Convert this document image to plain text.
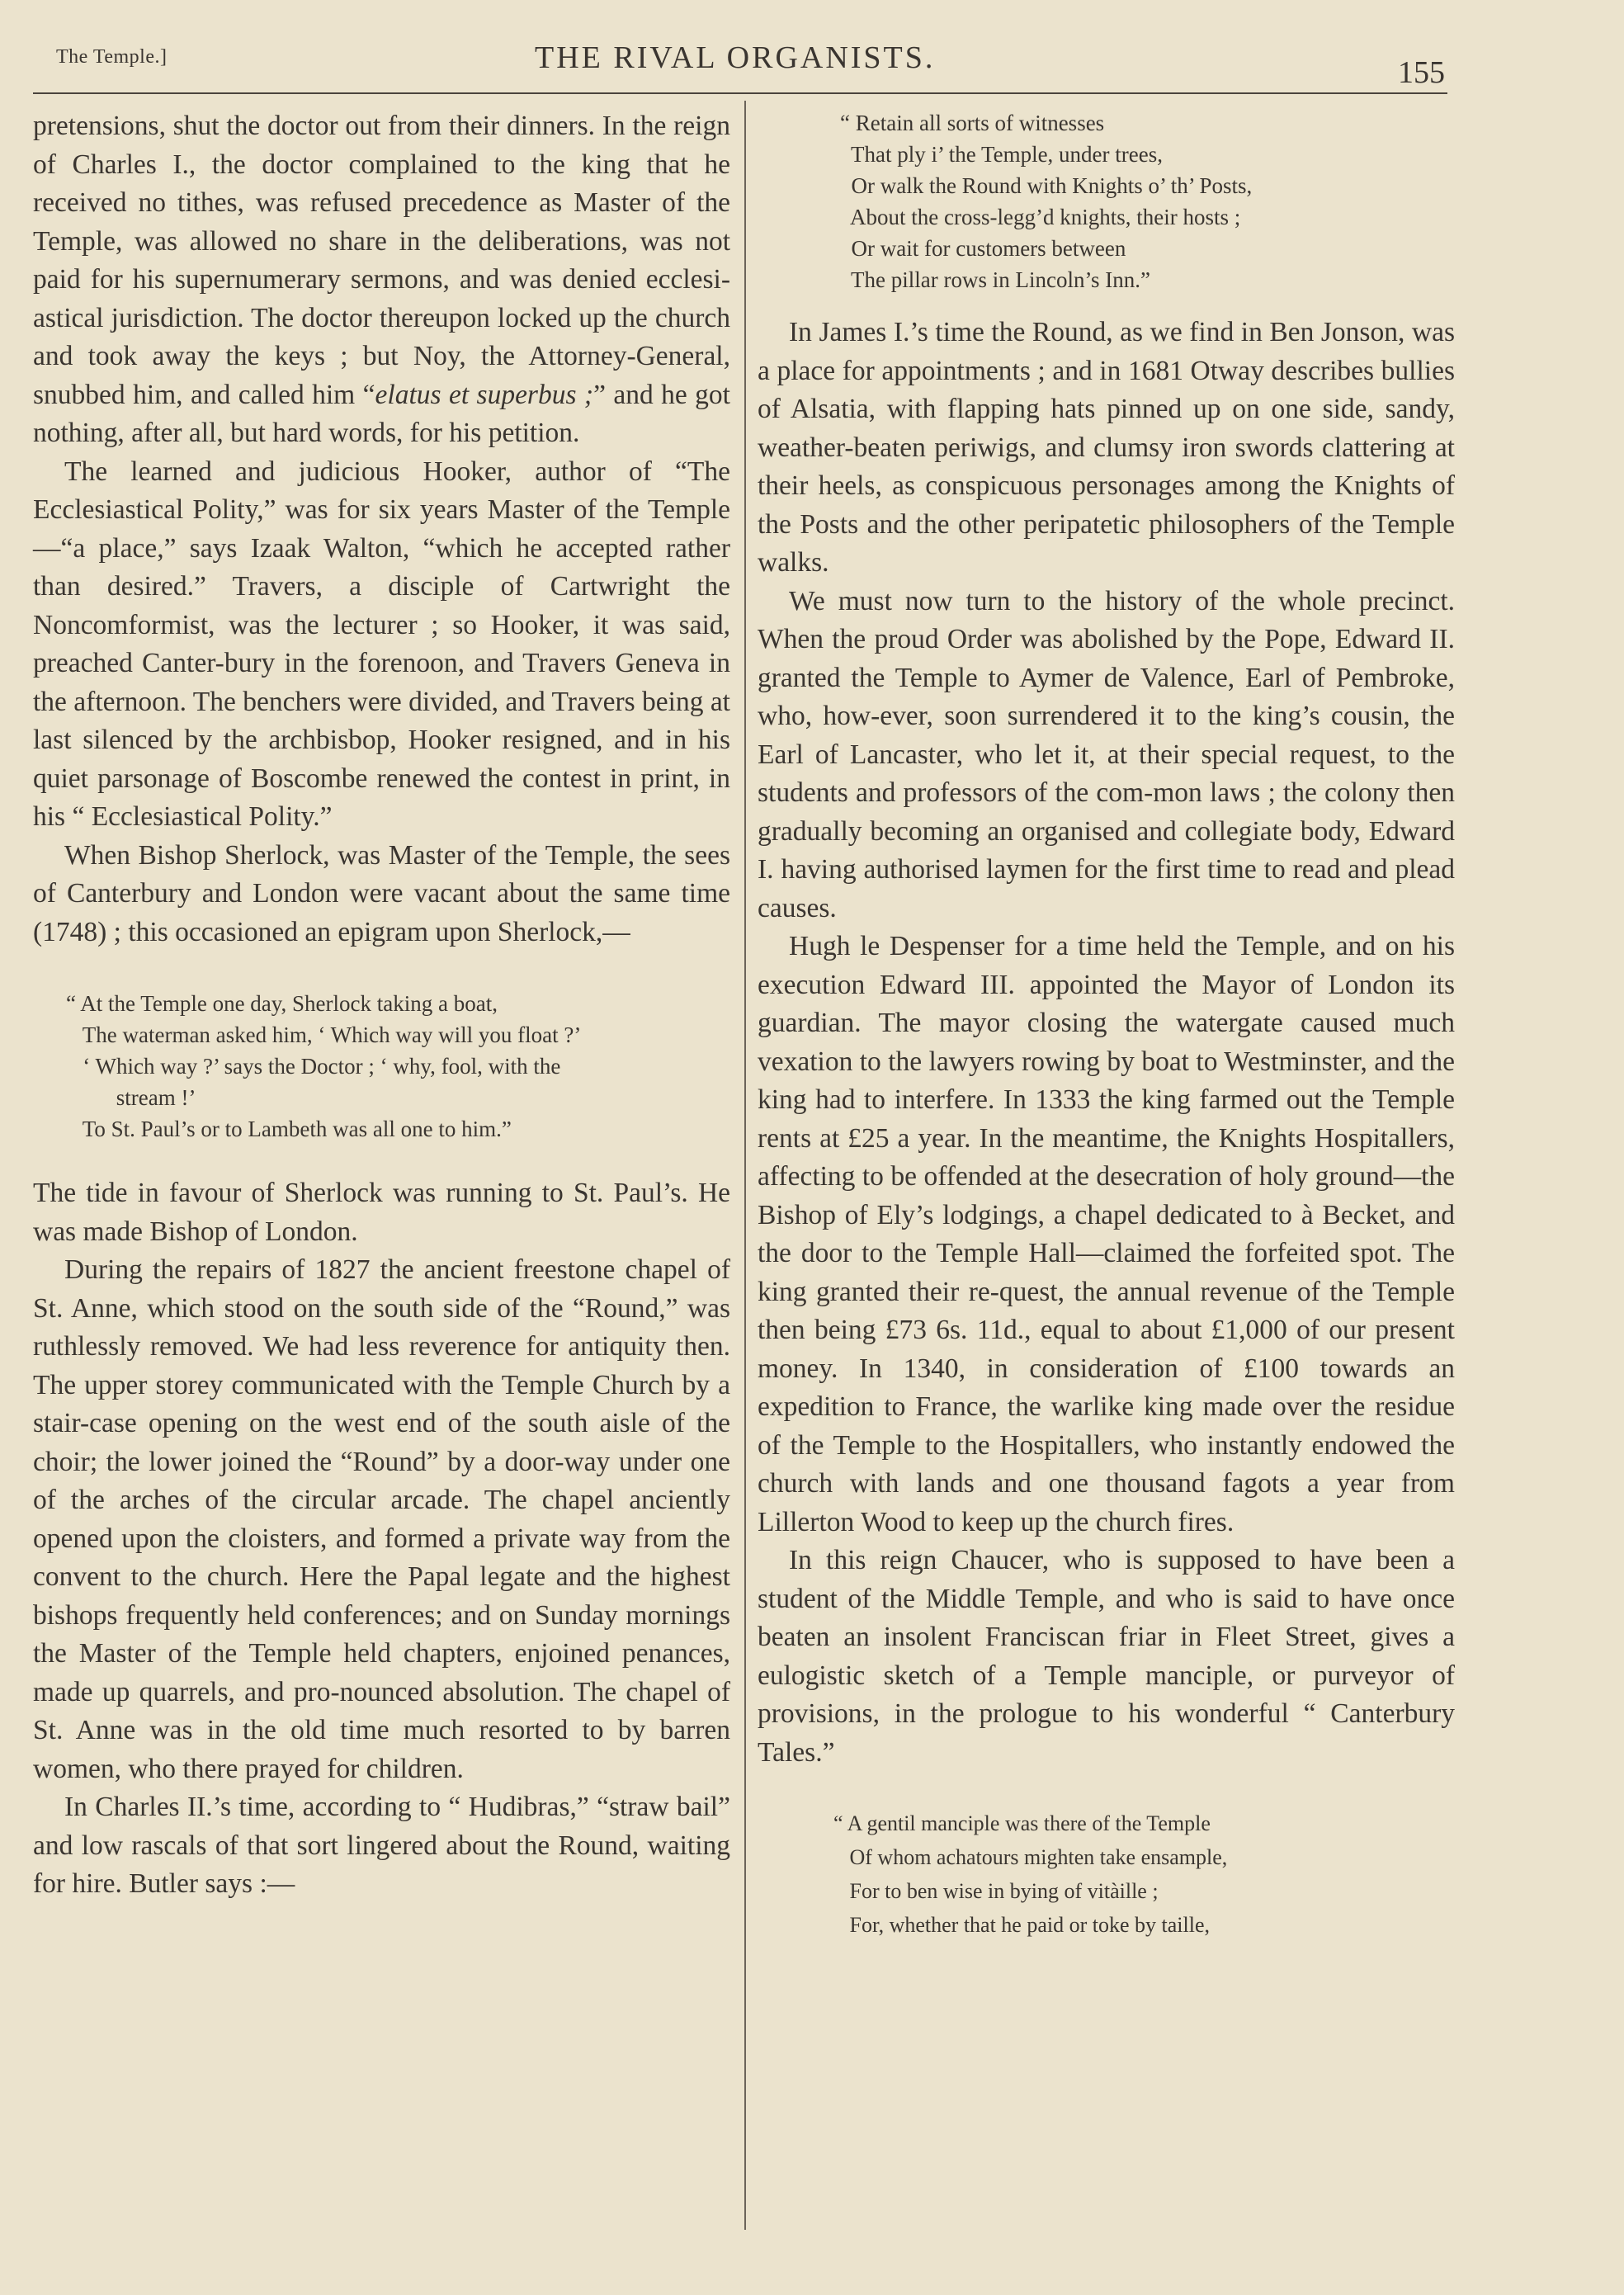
The Temple.]	THE RIVAL ORGANISTS.	155

pretensions, shut the doctor out from their dinners. In the reign of Charles I., the doctor complained to the king that he received no tithes, was refused precedence as Master of the Temple, was allowed no share in the deliberations, was not paid for his supernumerary sermons, and was denied ecclesi-astical jurisdiction. The doctor thereupon locked up the church and took away the keys ; but Noy, the Attorney-General, snubbed him, and called him “elatus et superbus ;” and he got nothing, after all, but hard words, for his petition.

The learned and judicious Hooker, author of “The Ecclesiastical Polity,” was for six years Master of the Temple—“a place,” says Izaak Walton, “which he accepted rather than desired.” Travers, a disciple of Cartwright the Noncomformist, was the lecturer ; so Hooker, it was said, preached Canter-bury in the forenoon, and Travers Geneva in the afternoon. The benchers were divided, and Travers being at last silenced by the archbisbop, Hooker resigned, and in his quiet parsonage of Boscombe renewed the contest in print, in his “ Ecclesiastical Polity.”

When Bishop Sherlock, was Master of the Temple, the sees of Canterbury and London were vacant about the same time (1748) ; this occasioned an epigram upon Sherlock,—

“ At the Temple one day, Sherlock taking a boat,
The waterman asked him, ‘ Which way will you float ?’
‘ Which way ?’ says the Doctor ; ‘ why, fool, with the
stream !’
To St. Paul’s or to Lambeth was all one to him.”

The tide in favour of Sherlock was running to St. Paul’s. He was made Bishop of London.

During the repairs of 1827 the ancient freestone chapel of St. Anne, which stood on the south side of the “Round,” was ruthlessly removed. We had less reverence for antiquity then. The upper storey communicated with the Temple Church by a stair-case opening on the west end of the south aisle of the choir; the lower joined the “Round” by a door-way under one of the arches of the circular arcade. The chapel anciently opened upon the cloisters, and formed a private way from the convent to the church. Here the Papal legate and the highest bishops frequently held conferences; and on Sunday mornings the Master of the Temple held chapters, enjoined penances, made up quarrels, and pro-nounced absolution. The chapel of St. Anne was in the old time much resorted to by barren women, who there prayed for children.

In Charles II.’s time, according to “ Hudibras,” “straw bail” and low rascals of that sort lingered about the Round, waiting for hire. Butler says :—

“ Retain all sorts of witnesses
That ply i’ the Temple, under trees,
Or walk the Round with Knights o’ th’ Posts,
About the cross-legg’d knights, their hosts ;
Or wait for customers between
The pillar rows in Lincoln’s Inn.”

In James I.’s time the Round, as we find in Ben Jonson, was a place for appointments ; and in 1681 Otway describes bullies of Alsatia, with flapping hats pinned up on one side, sandy, weather-beaten periwigs, and clumsy iron swords clattering at their heels, as conspicuous personages among the Knights of the Posts and the other peripatetic philosophers of the Temple walks.

We must now turn to the history of the whole precinct. When the proud Order was abolished by the Pope, Edward II. granted the Temple to Aymer de Valence, Earl of Pembroke, who, how-ever, soon surrendered it to the king’s cousin, the Earl of Lancaster, who let it, at their special request, to the students and professors of the com-mon laws ; the colony then gradually becoming an organised and collegiate body, Edward I. having authorised laymen for the first time to read and plead causes.

Hugh le Despenser for a time held the Temple, and on his execution Edward III. appointed the Mayor of London its guardian. The mayor closing the watergate caused much vexation to the lawyers rowing by boat to Westminster, and the king had to interfere. In 1333 the king farmed out the Temple rents at £25 a year. In the meantime, the Knights Hospitallers, affecting to be offended at the desecration of holy ground—the Bishop of Ely’s lodgings, a chapel dedicated to à Becket, and the door to the Temple Hall—claimed the forfeited spot. The king granted their re-quest, the annual revenue of the Temple then being £73 6s. 11d., equal to about £1,000 of our present money. In 1340, in consideration of £100 towards an expedition to France, the warlike king made over the residue of the Temple to the Hospitallers, who instantly endowed the church with lands and one thousand fagots a year from Lillerton Wood to keep up the church fires.

In this reign Chaucer, who is supposed to have been a student of the Middle Temple, and who is said to have once beaten an insolent Franciscan friar in Fleet Street, gives a eulogistic sketch of a Temple manciple, or purveyor of provisions, in the prologue to his wonderful “ Canterbury Tales.”

“ A gentil manciple was there of the Temple
Of whom achatours mighten take ensample,
For to ben wise in bying of vitàille ;
For, whether that he paid or toke by taille,
